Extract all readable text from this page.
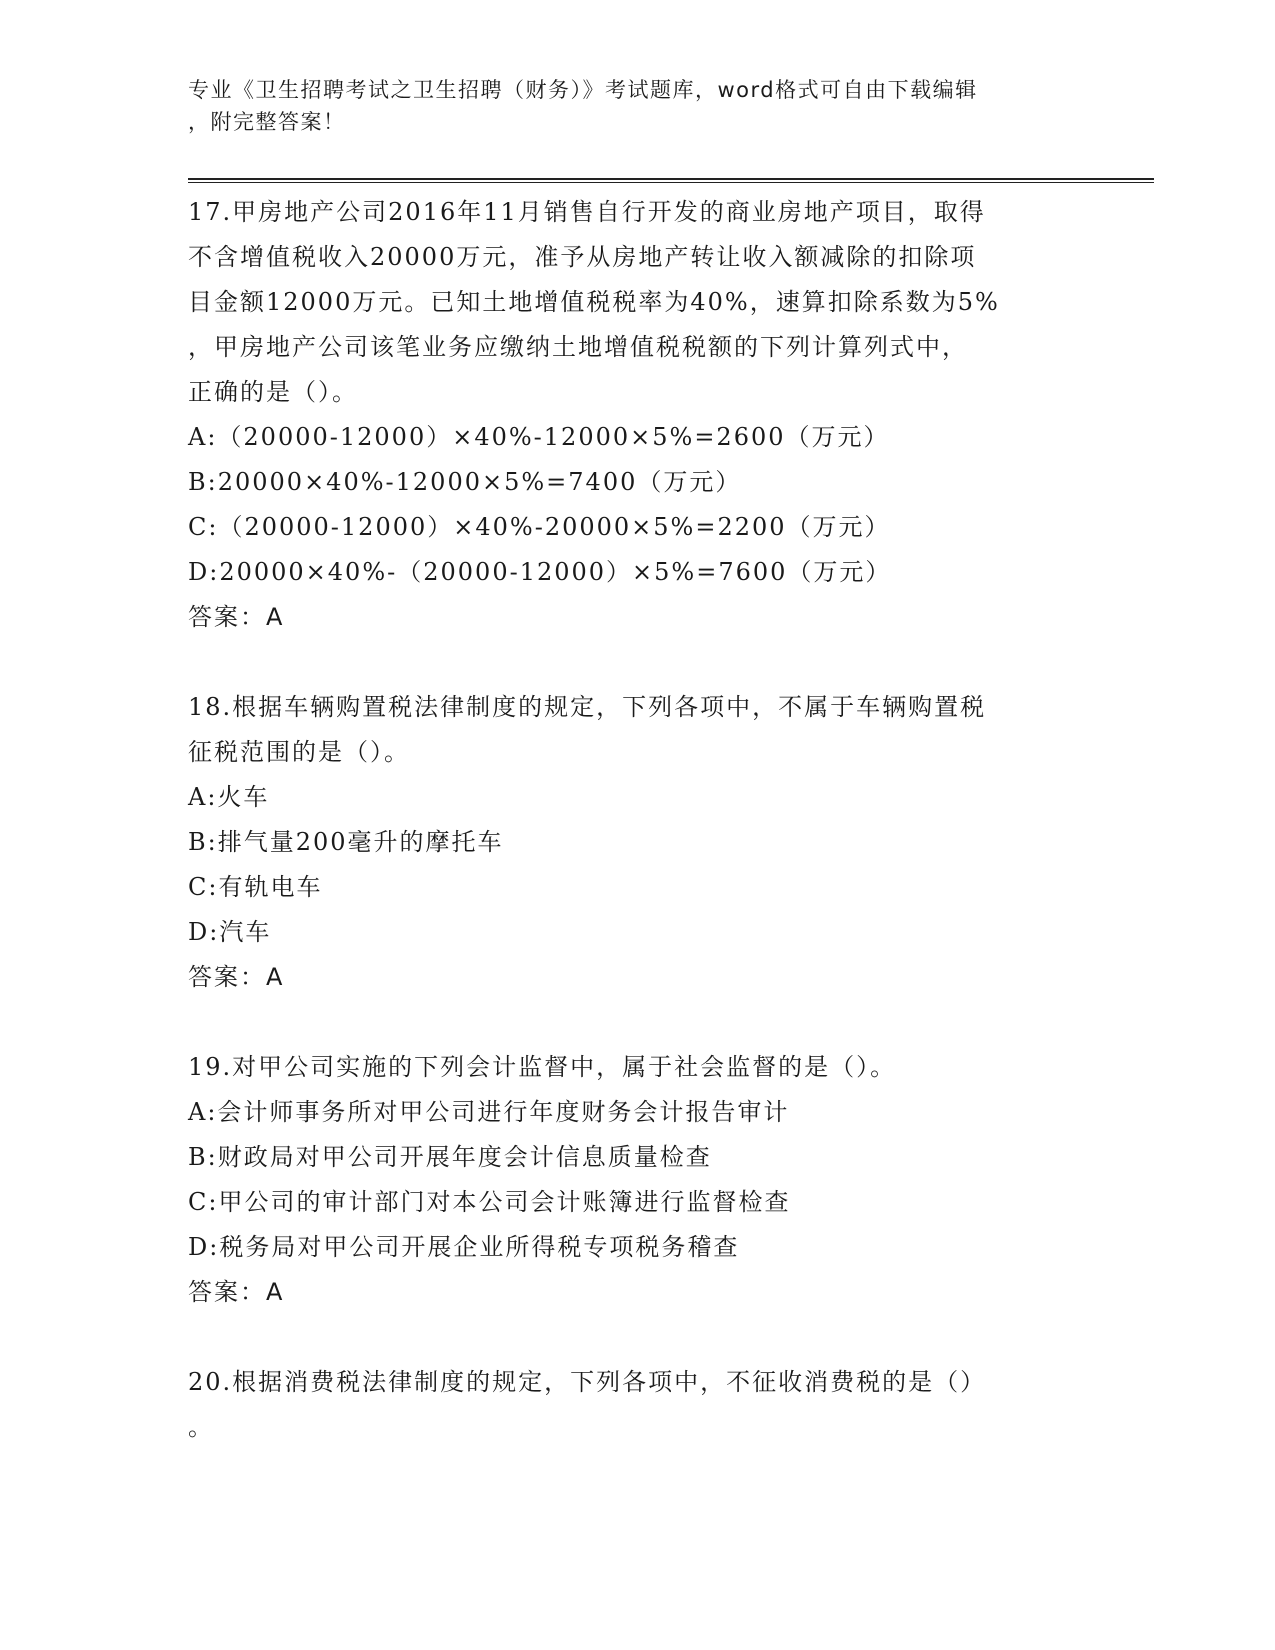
专业《卫生招聘考试之卫生招聘（财务）》考试题库，word格式可自由下载编辑
，附完整答案！
17.甲房地产公司2016年11月销售自行开发的商业房地产项目，取得
不含增值税收入20000万元，准予从房地产转让收入额减除的扣除项
目金额12000万元。已知土地增值税税率为40%，速算扣除系数为5%
，甲房地产公司该笔业务应缴纳土地增值税税额的下列计算列式中，
正确的是（）。
A:（20000-12000）×40%-12000×5%=2600（万元）
B:20000×40%-12000×5%=7400（万元）
C:（20000-12000）×40%-20000×5%=2200（万元）
D:20000×40%-（20000-12000）×5%=7600（万元）
答案：A
18.根据车辆购置税法律制度的规定，下列各项中，不属于车辆购置税
征税范围的是（）。
A:火车
B:排气量200毫升的摩托车
C:有轨电车
D:汽车
答案：A
19.对甲公司实施的下列会计监督中，属于社会监督的是（）。
A:会计师事务所对甲公司进行年度财务会计报告审计
B:财政局对甲公司开展年度会计信息质量检查
C:甲公司的审计部门对本公司会计账簿进行监督检查
D:税务局对甲公司开展企业所得税专项税务稽查
答案：A
20.根据消费税法律制度的规定，下列各项中，不征收消费税的是（）
。
